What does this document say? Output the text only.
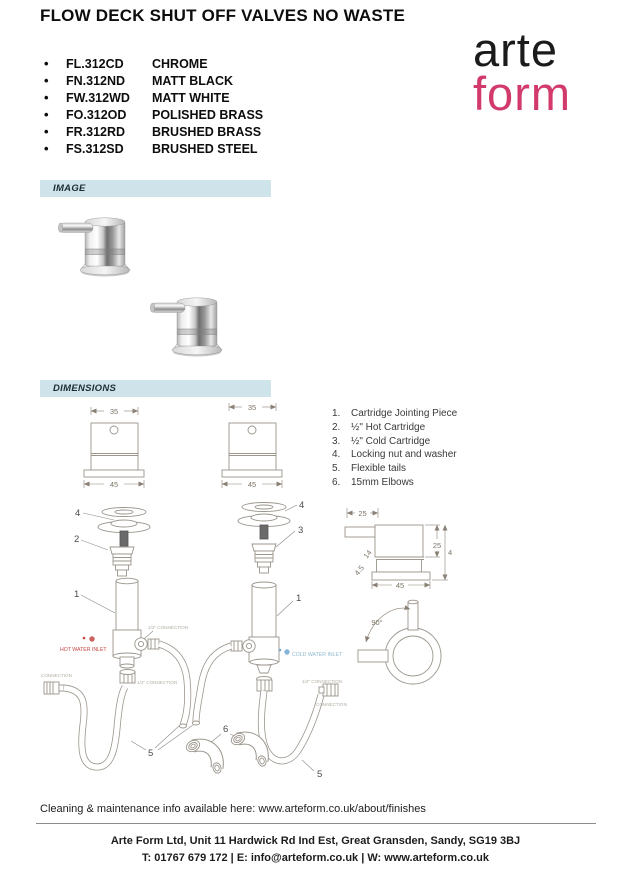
FLOW DECK SHUT OFF VALVES NO WASTE
arte
form
•
FL.312CD	CHROME
•
FN.312ND	MATT BLACK
•
FW.312WD	MATT WHITE
•
FO.312OD	POLISHED BRASS
•
FR.312RD	BRUSHED BRASS
•
FS.312SD	BRUSHED STEEL
IMAGE
DIMENSIONS
1.	Cartridge Jointing Piece
2.	½" Hot Cartridge
3.	½" Cold Cartridge
4.	Locking nut and washer
5.	Flexible tails
6.	15mm Elbows
35
45
35
45
25
25
4
14
4.5
45
90°
4
2
1
HOT WATER INLET
1/2" CONNECTION
4
3
1
COLD WATER INLET
CONNECTION
1/2" CONNECTION	1/2" CONNECTION
CONNECTION
5
5
6
Cleaning & maintenance info available here: www.arteform.co.uk/about/finishes
Arte Form Ltd, Unit 11 Hardwick Rd Ind Est, Great Gransden, Sandy, SG19 3BJ
T: 01767 679 172 | E: info@arteform.co.uk | W: www.arteform.co.uk
